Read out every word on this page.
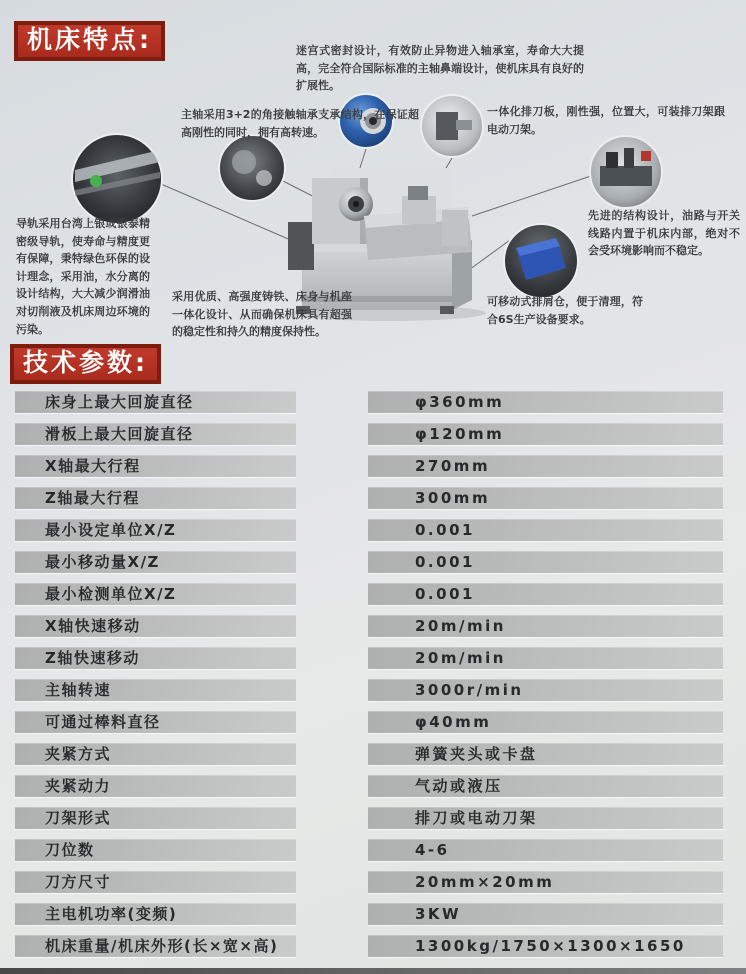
机床特点:	迷宫式密封设计，有效防止异物进入轴承室，寿命大大提高，完全符合国际标准的主轴鼻端设计，使机床具有良好的扩展性。
主轴采用3+2的角接触轴承支承结构，在保证超高刚性的同时，拥有高转速。
一体化排刀板，刚性强，位置大，可装排刀架跟电动刀架。
导轨采用台湾上银或银泰精密级导轨，使寿命与精度更有保障，秉特绿色环保的设计理念，采用油，水分离的设计结构，大大减少润滑油对切削液及机床周边环境的污染。
先进的结构设计，油路与开关线路内置于机床内部，绝对不会受环境影响而不稳定。
采用优质、高强度铸铁、床身与机座一体化设计、从而确保机床具有超强的稳定性和持久的精度保持性。
可移动式排屑仓，便于清理，符合6S生产设备要求。
技术参数:
床身上最大回旋直径	φ360mm
滑板上最大回旋直径	φ120mm
X轴最大行程	270mm
Z轴最大行程	300mm
最小设定单位X/Z	0.001
最小移动量X/Z	0.001
最小检测单位X/Z	0.001
X轴快速移动	20m/min
Z轴快速移动	20m/min
主轴转速	3000r/min
可通过棒料直径	φ40mm
夹紧方式	弹簧夹头或卡盘
夹紧动力	气动或液压
刀架形式	排刀或电动刀架
刀位数	4-6
刀方尺寸	20mm×20mm
主电机功率(变频)	3KW
机床重量/机床外形(长×宽×高)	1300kg/1750×1300×1650
